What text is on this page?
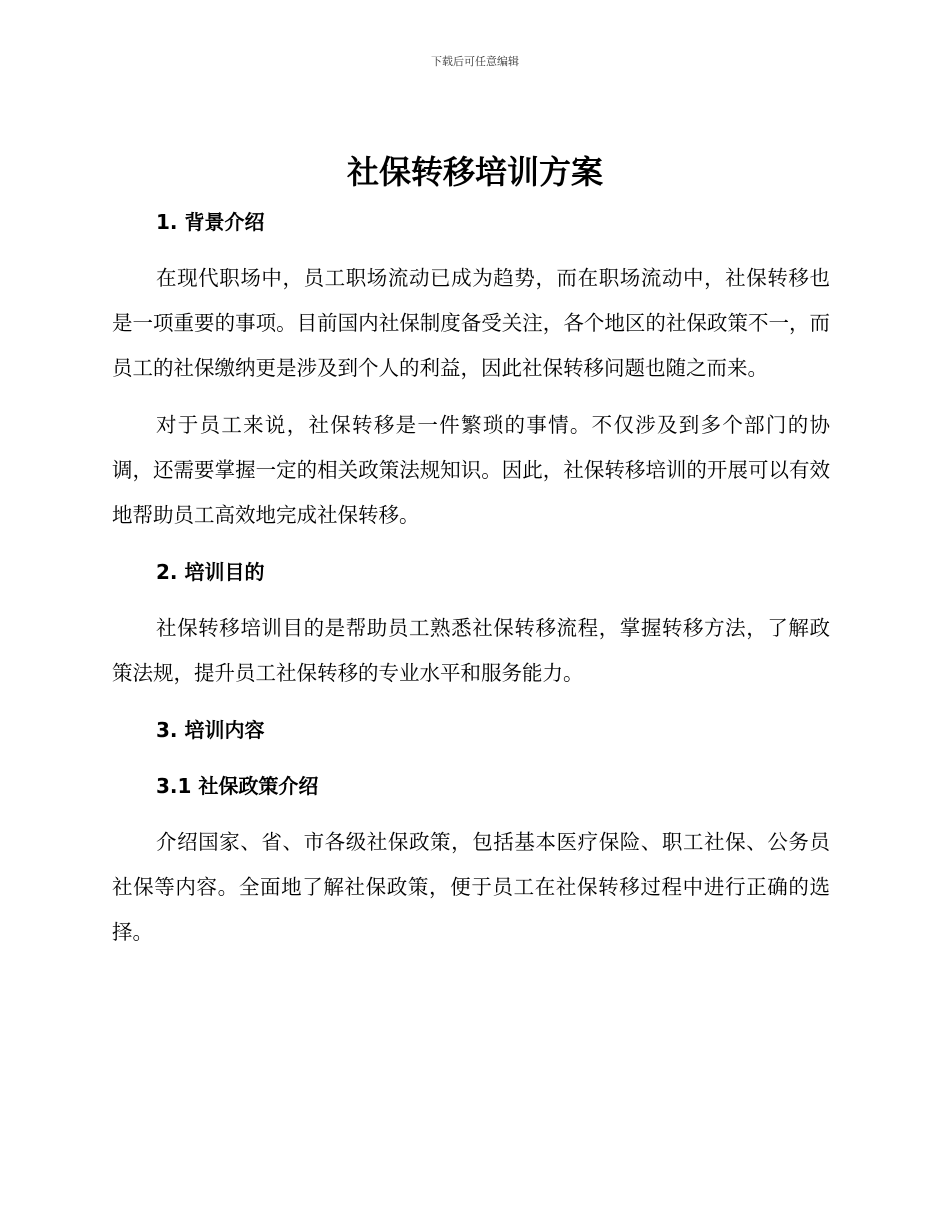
下载后可任意编辑
社保转移培训方案

1. 背景介绍

在现代职场中，员工职场流动已成为趋势，而在职场流动中，社保转移也是一项重要的事项。目前国内社保制度备受关注，各个地区的社保政策不一，而员工的社保缴纳更是涉及到个人的利益，因此社保转移问题也随之而来。

对于员工来说，社保转移是一件繁琐的事情。不仅涉及到多个部门的协调，还需要掌握一定的相关政策法规知识。因此，社保转移培训的开展可以有效地帮助员工高效地完成社保转移。

2. 培训目的

社保转移培训目的是帮助员工熟悉社保转移流程，掌握转移方法，了解政策法规，提升员工社保转移的专业水平和服务能力。

3. 培训内容

3.1 社保政策介绍

介绍国家、省、市各级社保政策，包括基本医疗保险、职工社保、公务员社保等内容。全面地了解社保政策，便于员工在社保转移过程中进行正确的选择。
